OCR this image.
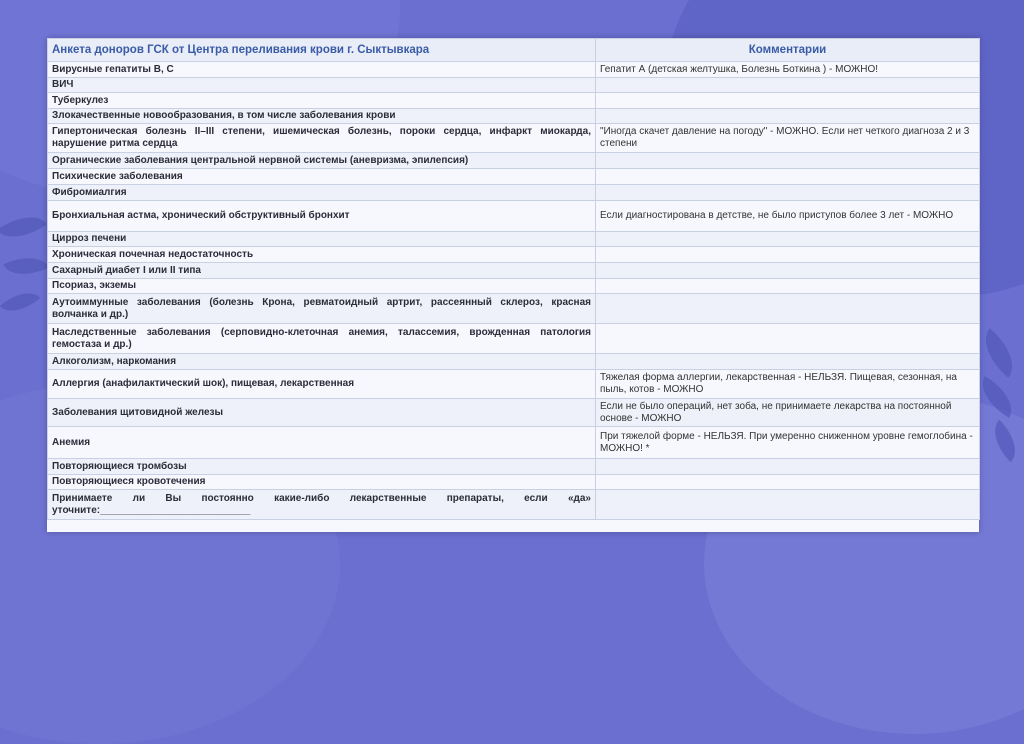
Анкета доноров ГСК от Центра переливания крови г. Сыктывкара	Комментарии
Вирусные гепатиты В, С	Гепатит А (детская желтушка, Болезнь Боткина ) - МОЖНО!
ВИЧ	
Туберкулез	
Злокачественные новообразования, в том числе заболевания крови	
Гипертоническая болезнь II–III степени, ишемическая болезнь, пороки сердца, инфаркт миокарда, нарушение ритма сердца	"Иногда скачет давление на погоду" - МОЖНО. Если нет четкого диагноза 2 и 3 степени
Органические заболевания центральной нервной системы (аневризма, эпилепсия)	
Психические заболевания	
Фибромиалгия	
Бронхиальная астма, хронический обструктивный бронхит	Если диагностирована в детстве, не было приступов более 3 лет - МОЖНО
Цирроз печени	
Хроническая почечная недостаточность	
Сахарный диабет I или II типа	
Псориаз, экземы	
Аутоиммунные заболевания (болезнь Крона, ревматоидный артрит, рассеянный склероз, красная волчанка и др.)	
Наследственные заболевания (серповидно-клеточная анемия, талассемия, врожденная патология гемостаза и др.)	
Алкоголизм, наркомания	
Аллергия (анафилактический шок), пищевая, лекарственная	Тяжелая форма аллергии, лекарственная - НЕЛЬЗЯ. Пищевая, сезонная, на пыль, котов - МОЖНО
Заболевания щитовидной железы	Если не было операций, нет зоба, не принимаете лекарства на постоянной основе - МОЖНО
Анемия	При тяжелой форме - НЕЛЬЗЯ. При умеренно сниженном уровне гемоглобина - МОЖНО! *
Повторяющиеся тромбозы	
Повторяющиеся кровотечения	
Принимаете ли Вы постоянно какие-либо лекарственные препараты, если «да» уточните:___________________________	
